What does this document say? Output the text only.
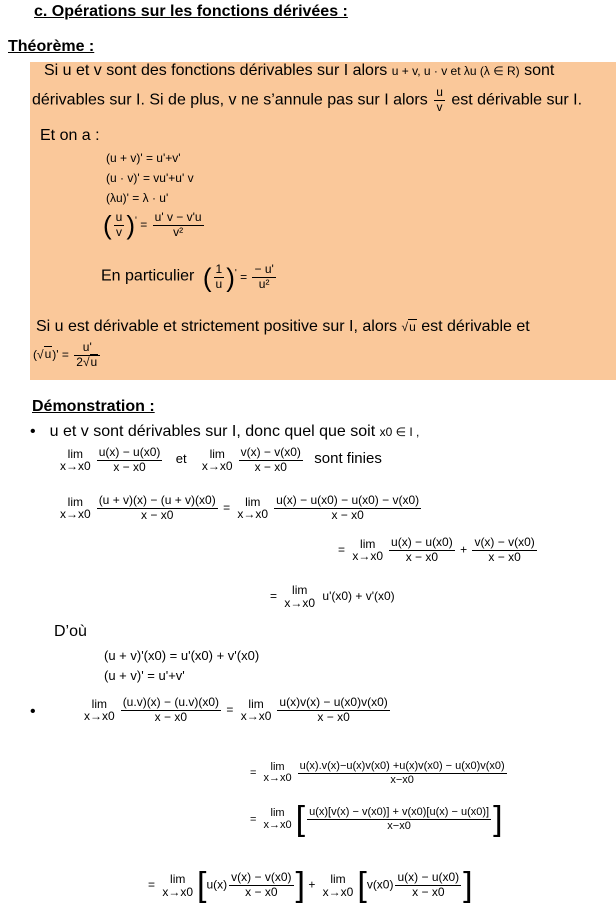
c. Opérations sur les fonctions dérivées :
Théorème :
Si u et v sont des fonctions dérivables sur I alors u + v, u · v et λu (λ ∈ R) sont
dérivables sur I. Si de plus, v ne s’annule pas sur I alors $\frac{u}{v}$ est dérivable sur I.
Et on a :
(u + v)' = u'+v'
(u · v)' = vu'+u' v
(λu)' = λ · u'
( $\frac{u}{v} )' = \frac{u' v - v'u}{\text{v²}}$
En particulier ( $\frac{1}{u} )' = \frac{- u'}{\text{u²}}$
Si u est dérivable et strictement positive sur I, alors √u est dérivable et
$(√u)' = \frac{u'}{2√u}$
Démonstration :
• u et v sont dérivables sur I, donc quel que soit x0 ∈ I ,
lim
$x\to x0 \frac{u(x) - u(x0)}{x - x0}$ et	lim
$x\to x0 \frac{v(x) - v(x0)}{x - x0}$ sont finies
lim
$x\to x0 \frac{(u + v)(x) - (u + v)(x0)}{x - x0}$ =	lim
$x\to x0 \frac{u(x) - u(x0) - u(x0) - v(x0)}{x - x0}$
=	lim
$x\to x0 \frac{u(x) - u(x0)}{x - x0} + \frac{v(x) - v(x0)}{x - x0}$
=	lim
x→x0 u'(x0) + v'(x0)
D’où
(u + v)'(x0) = u'(x0) + v'(x0)
(u + v)' = u'+v'
•	lim
$x\to x0 \frac{(u.v)(x) - (u.v)(x0)}{x - x0}$ =	lim
$x\to x0 \frac{u(x)v(x) - u(x0)v(x0)}{x - x0}$
=
lim
$x\to x0 \frac{u(x).v(x)-u(x)v(x0) +u(x)v(x0) - u(x0)v(x0)}{x-x0}$
=
lim
x→x0 [ $\frac{u(x)[v(x) - v(x0)] + v(x0)[u(x) - u(x0)]}{x-x0}$ ]
=	lim
x→x0 [$u(x) \frac{v(x) - v(x0)}{x - x0}$ ] +	lim
x→x0 [$v(x0) \frac{u(x) - u(x0)}{x - x0}$ ]
